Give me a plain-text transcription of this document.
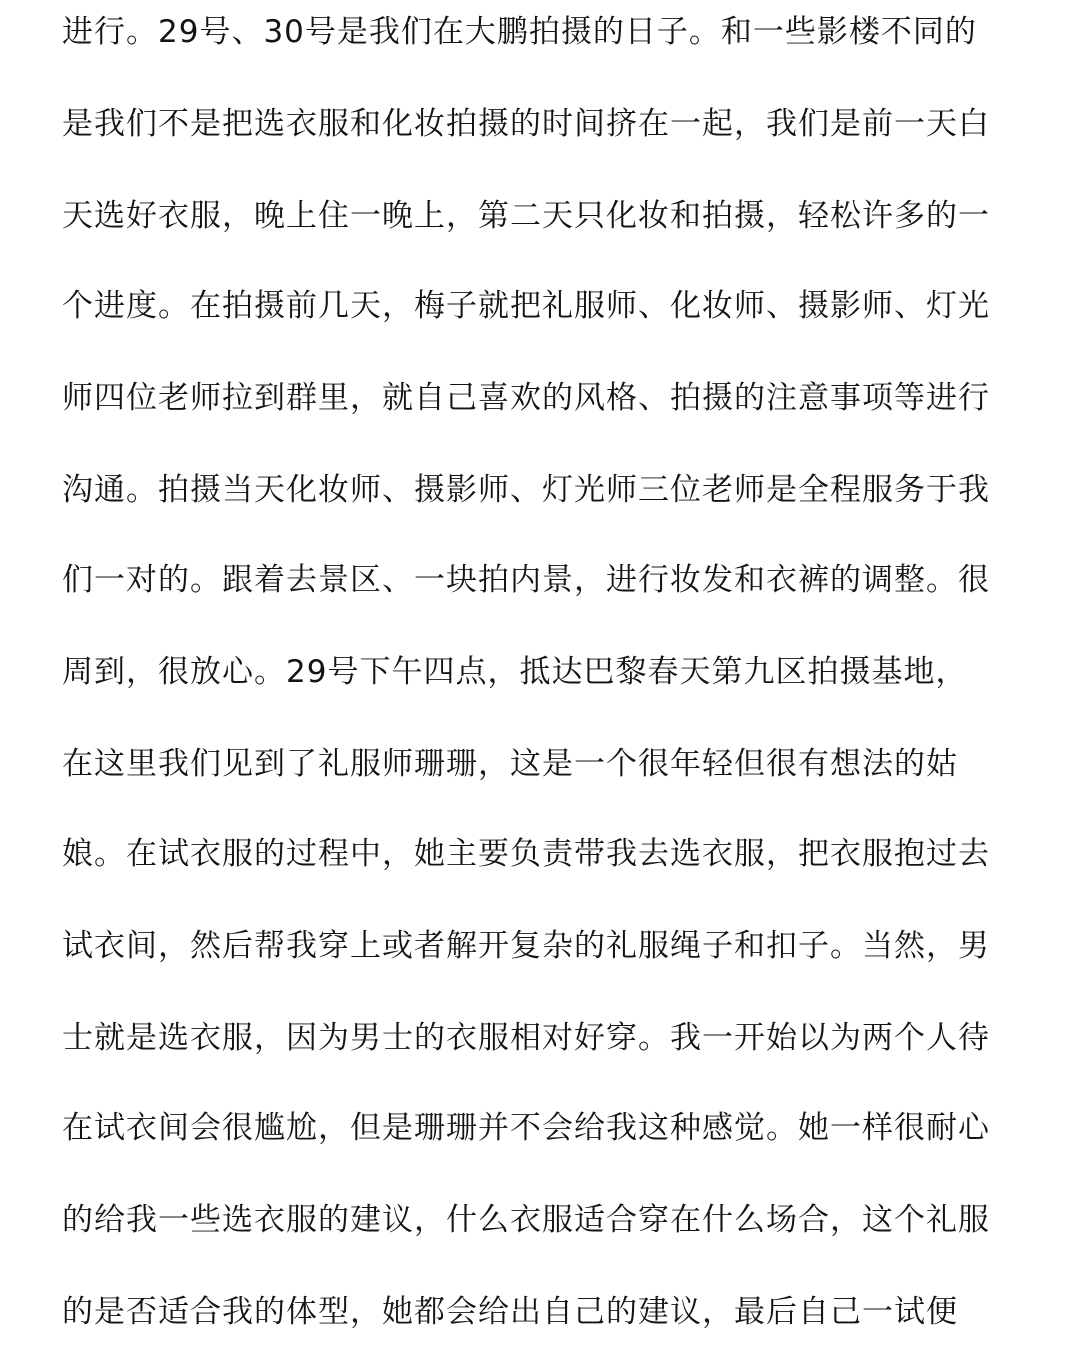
进行。29号、30号是我们在大鹏拍摄的日子。和一些影楼不同的
是我们不是把选衣服和化妆拍摄的时间挤在一起，我们是前一天白
天选好衣服，晚上住一晚上，第二天只化妆和拍摄，轻松许多的一
个进度。在拍摄前几天，梅子就把礼服师、化妆师、摄影师、灯光
师四位老师拉到群里，就自己喜欢的风格、拍摄的注意事项等进行
沟通。拍摄当天化妆师、摄影师、灯光师三位老师是全程服务于我
们一对的。跟着去景区、一块拍内景，进行妆发和衣裤的调整。很
周到，很放心。29号下午四点，抵达巴黎春天第九区拍摄基地，
在这里我们见到了礼服师珊珊，这是一个很年轻但很有想法的姑
娘。在试衣服的过程中，她主要负责带我去选衣服，把衣服抱过去
试衣间，然后帮我穿上或者解开复杂的礼服绳子和扣子。当然，男
士就是选衣服，因为男士的衣服相对好穿。我一开始以为两个人待
在试衣间会很尴尬，但是珊珊并不会给我这种感觉。她一样很耐心
的给我一些选衣服的建议，什么衣服适合穿在什么场合，这个礼服
的是否适合我的体型，她都会给出自己的建议，最后自己一试便
